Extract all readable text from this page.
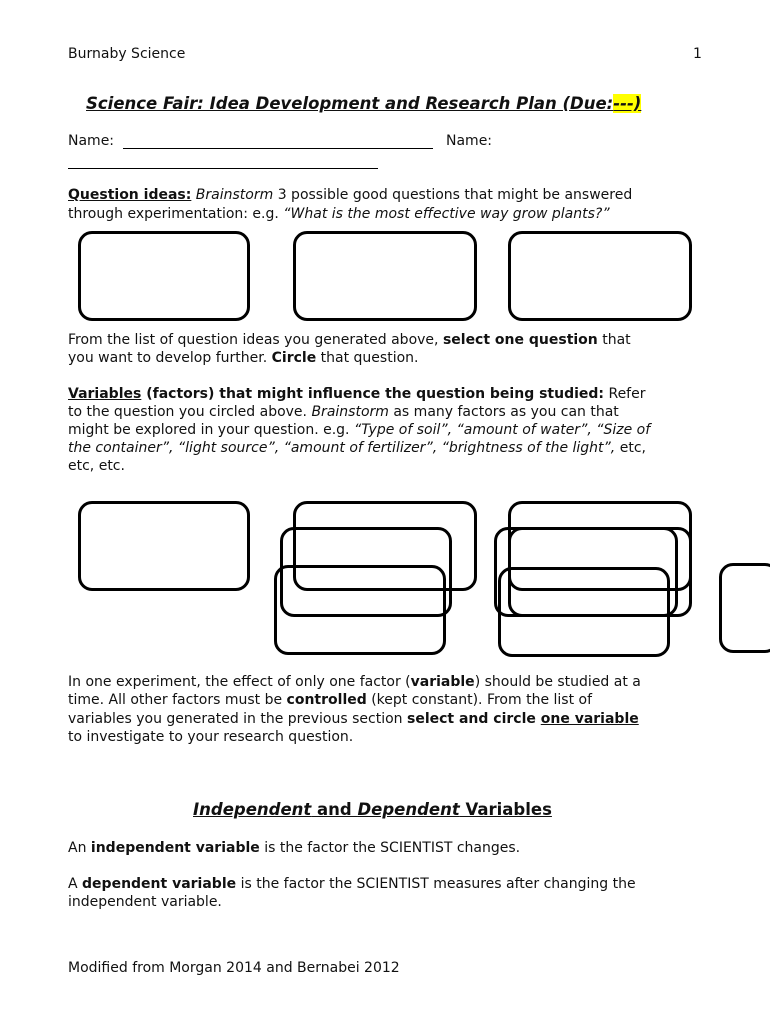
Burnaby Science	1
Science Fair: Idea Development and Research Plan (Due:---)
Name:	Name:
Question ideas: Brainstorm 3 possible good questions that might be answered
through experimentation: e.g. “What is the most effective way grow plants?”
From the list of question ideas you generated above, select one question that
you want to develop further. Circle that question.
Variables (factors) that might influence the question being studied: Refer
to the question you circled above. Brainstorm as many factors as you can that
might be explored in your question. e.g. “Type of soil”, “amount of water”, “Size of
the container”, “light source”, “amount of fertilizer”, “brightness of the light”, etc,
etc, etc.
In one experiment, the effect of only one factor (variable) should be studied at a
time. All other factors must be controlled (kept constant). From the list of
variables you generated in the previous section select and circle one variable
to investigate to your research question.
Independent and Dependent Variables
An independent variable is the factor the SCIENTIST changes.
A dependent variable is the factor the SCIENTIST measures after changing the
independent variable.
Modified from Morgan 2014 and Bernabei 2012
